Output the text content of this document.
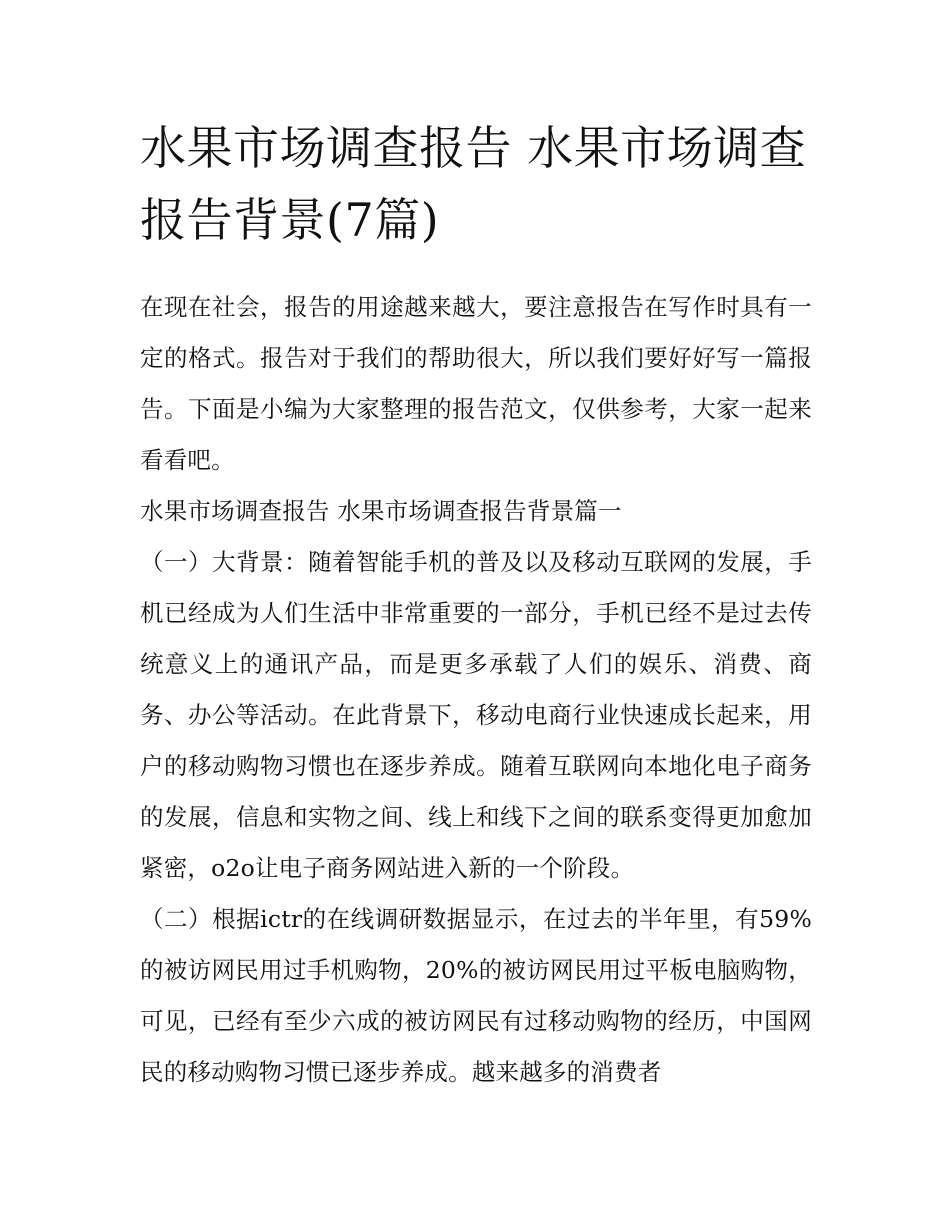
水果市场调查报告 水果市场调查报告背景(7篇)

在现在社会，报告的用途越来越大，要注意报告在写作时具有一定的格式。报告对于我们的帮助很大，所以我们要好好写一篇报告。下面是小编为大家整理的报告范文，仅供参考，大家一起来看看吧。

水果市场调查报告 水果市场调查报告背景篇一

（一）大背景：随着智能手机的普及以及移动互联网的发展，手机已经成为人们生活中非常重要的一部分，手机已经不是过去传统意义上的通讯产品，而是更多承载了人们的娱乐、消费、商务、办公等活动。在此背景下，移动电商行业快速成长起来，用户的移动购物习惯也在逐步养成。随着互联网向本地化电子商务的发展，信息和实物之间、线上和线下之间的联系变得更加愈加紧密，o2o让电子商务网站进入新的一个阶段。

（二）根据ictr的在线调研数据显示，在过去的半年里，有59%的被访网民用过手机购物，20%的被访网民用过平板电脑购物，可见，已经有至少六成的被访网民有过移动购物的经历，中国网民的移动购物习惯已逐步养成。越来越多的消费者
